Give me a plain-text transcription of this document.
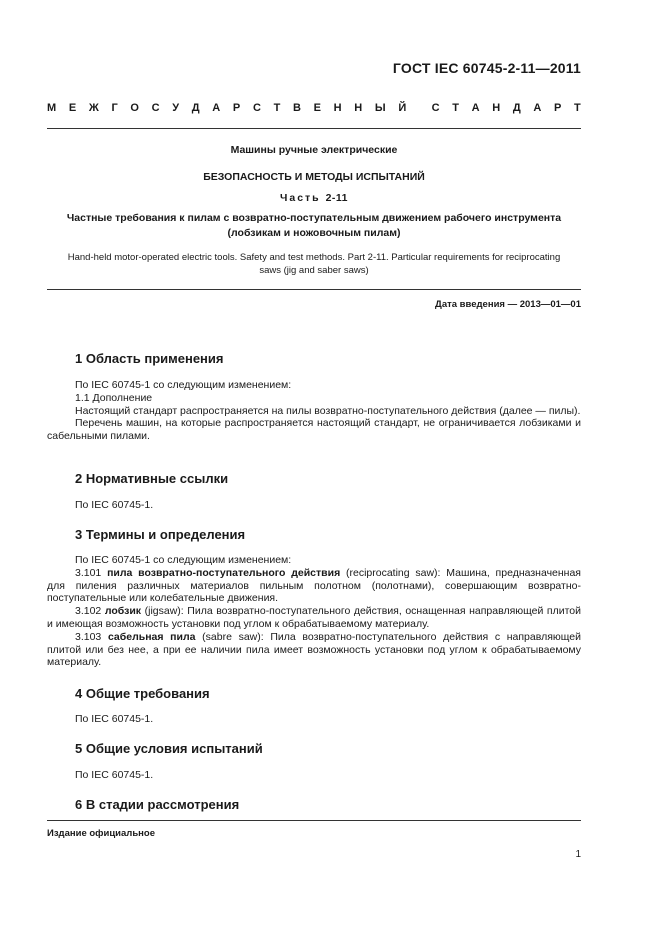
ГОСТ IEC 60745-2-11—2011
М Е Ж Г О С У Д А Р С Т В Е Н Н Ы Й С Т А Н Д А Р Т
Машины ручные электрические
БЕЗОПАСНОСТЬ И МЕТОДЫ ИСПЫТАНИЙ
Часть 2-11
Частные требования к пилам с возвратно-поступательным движением рабочего инструмента
(лобзикам и ножовочным пилам)
Hand-held motor-operated electric tools. Safety and test methods. Part 2-11. Particular requirements for reciprocating
saws (jig and saber saws)
Дата введения — 2013—01—01
1 Область применения

По IEC 60745-1 со следующим изменением:

1.1 Дополнение

Настоящий стандарт распространяется на пилы возвратно-поступательного действия (далее — пилы).

Перечень машин, на которые распространяется настоящий стандарт, не ограничивается лобзиками и сабельными пилами.

2 Нормативные ссылки

По IEC 60745-1.

3 Термины и определения

По IEC 60745-1 со следующим изменением:

3.101 пила возвратно-поступательного действия (reciprocating saw): Машина, предназначенная для пиления различных материалов пильным полотном (полотнами), совершающим возвратно-поступательные или колебательные движения.

3.102 лобзик (jigsaw): Пила возвратно-поступательного действия, оснащенная направляющей плитой и имеющая возможность установки под углом к обрабатываемому материалу.

3.103 сабельная пила (sabre saw): Пила возвратно-поступательного действия с направляющей плитой или без нее, а при ее наличии пила имеет возможность установки под углом к обрабатываемому материалу.

4 Общие требования

По IEC 60745-1.

5 Общие условия испытаний

По IEC 60745-1.

6 В стадии рассмотрения
Издание официальное
1
